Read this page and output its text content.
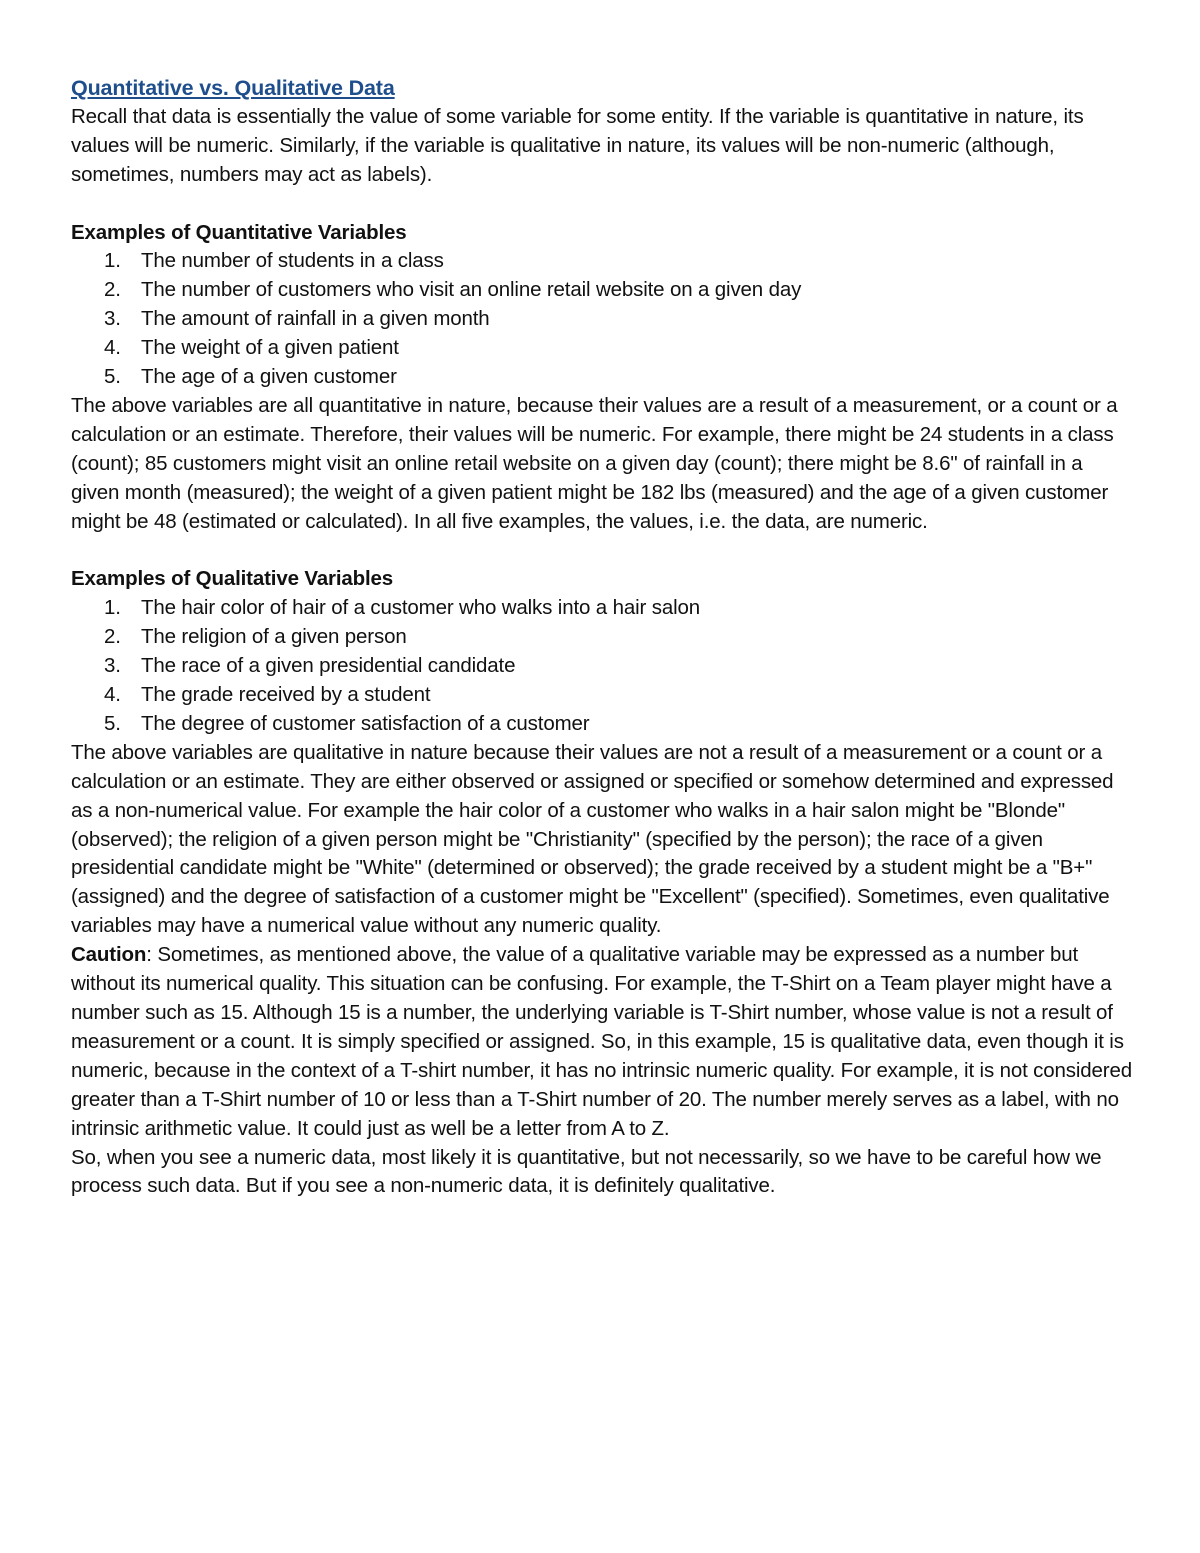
Quantitative vs. Qualitative Data

Recall that data is essentially the value of some variable for some entity. If the variable is quantitative in nature, its values will be numeric. Similarly, if the variable is qualitative in nature, its values will be non-numeric (although, sometimes, numbers may act as labels).

Examples of Quantitative Variables

1. The number of students in a class
2. The number of customers who visit an online retail website on a given day
3. The amount of rainfall in a given month
4. The weight of a given patient
5. The age of a given customer

The above variables are all quantitative in nature, because their values are a result of a measurement, or a count or a calculation or an estimate. Therefore, their values will be numeric. For example, there might be 24 students in a class (count); 85 customers might visit an online retail website on a given day (count); there might be 8.6" of rainfall in a given month (measured); the weight of a given patient might be 182 lbs (measured) and the age of a given customer might be 48 (estimated or calculated). In all five examples, the values, i.e. the data, are numeric.

Examples of Qualitative Variables

1. The hair color of hair of a customer who walks into a hair salon
2. The religion of a given person
3. The race of a given presidential candidate
4. The grade received by a student
5. The degree of customer satisfaction of a customer

The above variables are qualitative in nature because their values are not a result of a measurement or a count or a calculation or an estimate. They are either observed or assigned or specified or somehow determined and expressed as a non-numerical value. For example the hair color of a customer who walks in a hair salon might be "Blonde" (observed); the religion of a given person might be "Christianity" (specified by the person); the race of a given presidential candidate might be "White" (determined or observed); the grade received by a student might be a "B+" (assigned) and the degree of satisfaction of a customer might be "Excellent" (specified). Sometimes, even qualitative variables may have a numerical value without any numeric quality.

Caution: Sometimes, as mentioned above, the value of a qualitative variable may be expressed as a number but without its numerical quality. This situation can be confusing. For example, the T-Shirt on a Team player might have a number such as 15. Although 15 is a number, the underlying variable is T-Shirt number, whose value is not a result of measurement or a count. It is simply specified or assigned. So, in this example, 15 is qualitative data, even though it is numeric, because in the context of a T-shirt number, it has no intrinsic numeric quality. For example, it is not considered greater than a T-Shirt number of 10 or less than a T-Shirt number of 20. The number merely serves as a label, with no intrinsic arithmetic value. It could just as well be a letter from A to Z.

So, when you see a numeric data, most likely it is quantitative, but not necessarily, so we have to be careful how we process such data. But if you see a non-numeric data, it is definitely qualitative.
